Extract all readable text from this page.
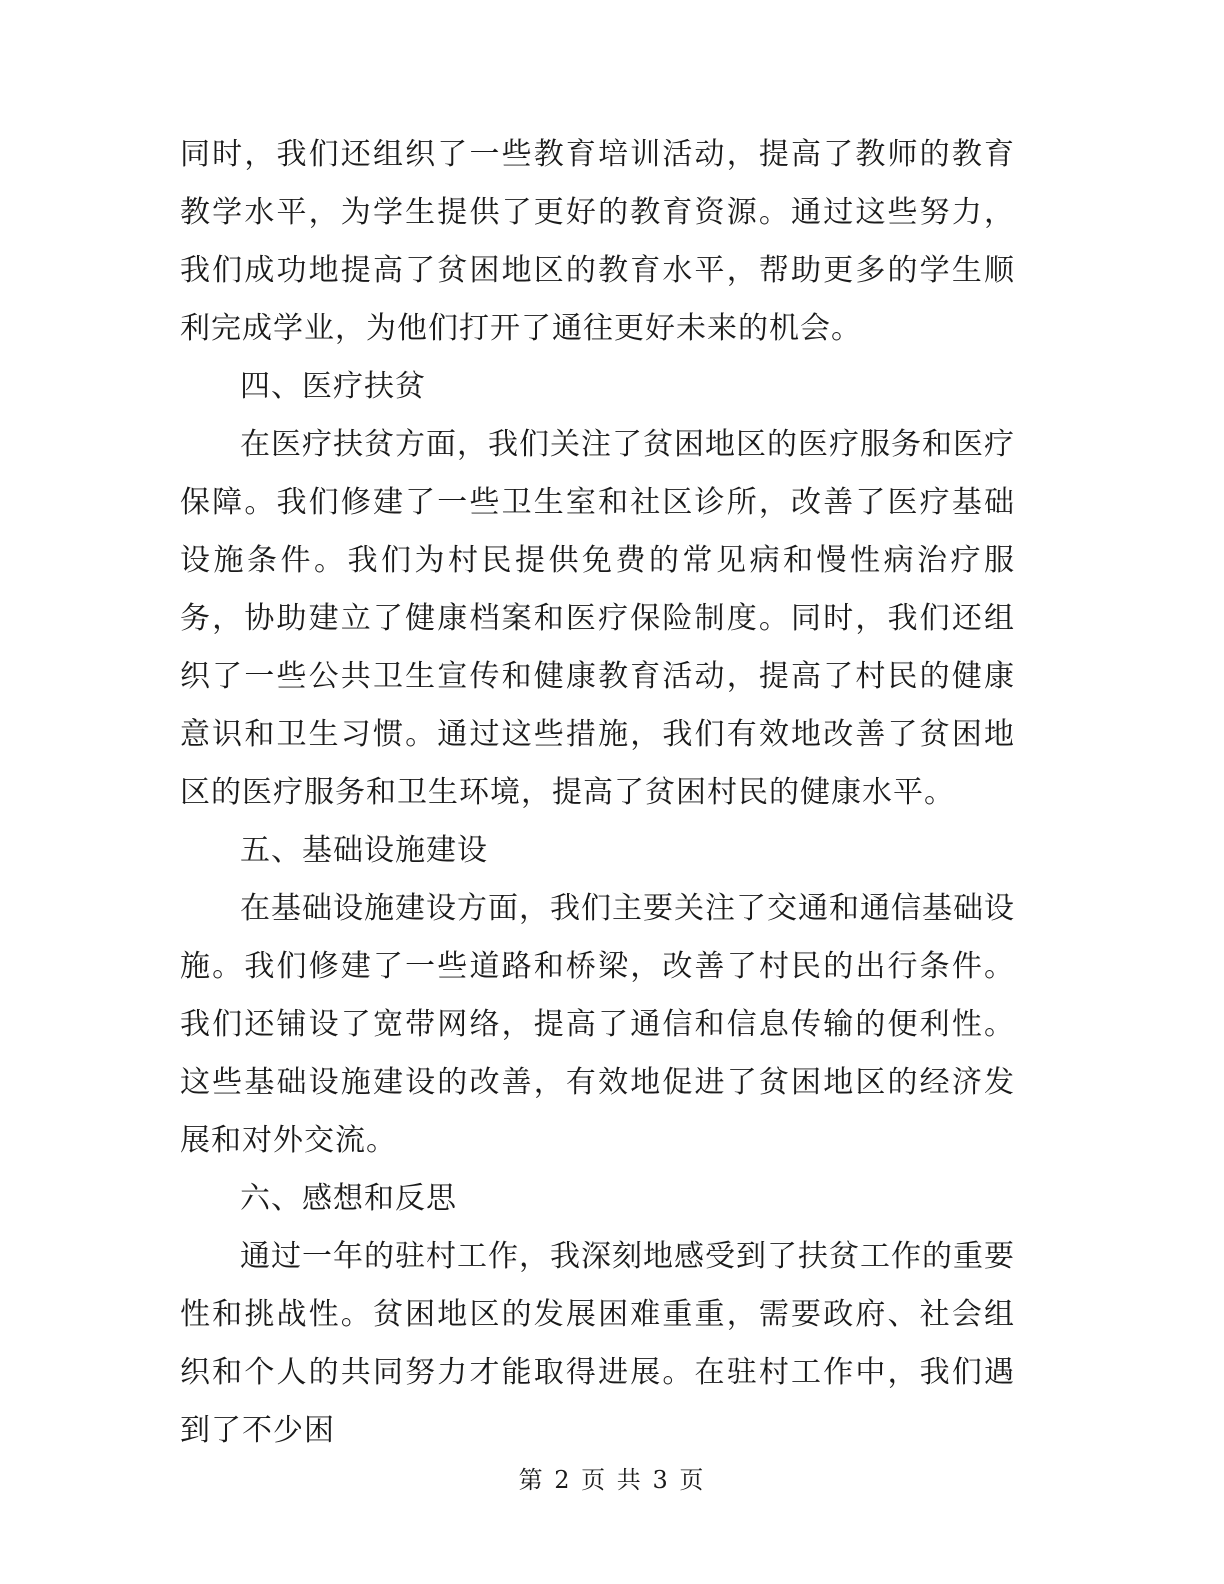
同时，我们还组织了一些教育培训活动，提高了教师的教育教学水平，为学生提供了更好的教育资源。通过这些努力，我们成功地提高了贫困地区的教育水平，帮助更多的学生顺利完成学业，为他们打开了通往更好未来的机会。

四、医疗扶贫

在医疗扶贫方面，我们关注了贫困地区的医疗服务和医疗保障。我们修建了一些卫生室和社区诊所，改善了医疗基础设施条件。我们为村民提供免费的常见病和慢性病治疗服务，协助建立了健康档案和医疗保险制度。同时，我们还组织了一些公共卫生宣传和健康教育活动，提高了村民的健康意识和卫生习惯。通过这些措施，我们有效地改善了贫困地区的医疗服务和卫生环境，提高了贫困村民的健康水平。

五、基础设施建设

在基础设施建设方面，我们主要关注了交通和通信基础设施。我们修建了一些道路和桥梁，改善了村民的出行条件。我们还铺设了宽带网络，提高了通信和信息传输的便利性。这些基础设施建设的改善，有效地促进了贫困地区的经济发展和对外交流。

六、感想和反思

通过一年的驻村工作，我深刻地感受到了扶贫工作的重要性和挑战性。贫困地区的发展困难重重，需要政府、社会组织和个人的共同努力才能取得进展。在驻村工作中，我们遇到了不少困

第 2 页 共 3 页
